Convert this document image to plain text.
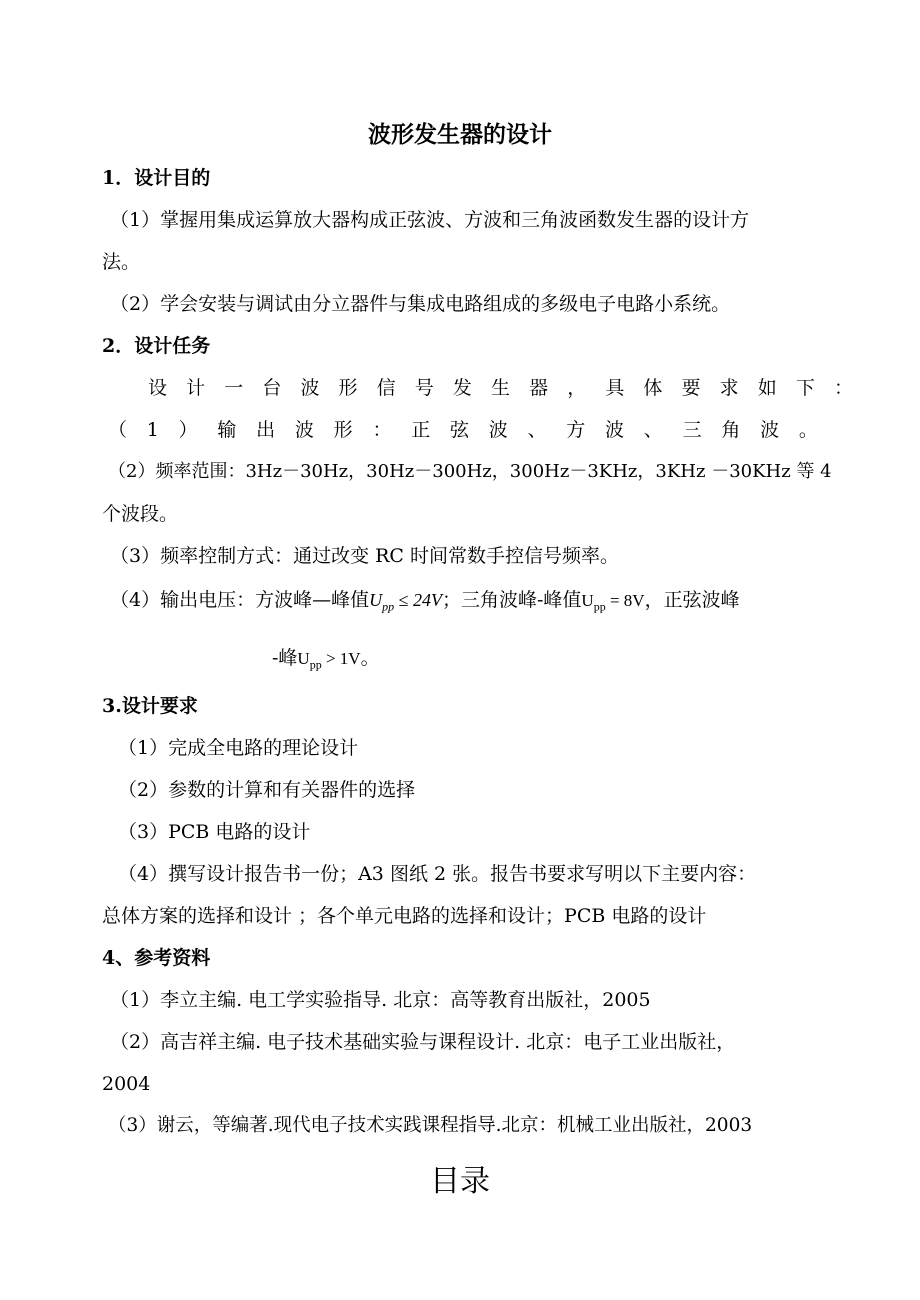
波形发生器的设计
1．设计目的
（1）掌握用集成运算放大器构成正弦波、方波和三角波函数发生器的设计方
法。
（2）学会安装与调试由分立器件与集成电路组成的多级电子电路小系统。
2．设计任务
设 计 一 台 波 形 信 号 发 生 器 ， 具 体 要 求 如 下 ：
（ 1 ） 输 出 波 形 ： 正 弦 波 、 方 波 、 三 角 波 。
（2）频率范围：3Hz－30Hz，30Hz－300Hz，300Hz－3KHz，3KHz －30KHz 等 4
个波段。
（3）频率控制方式：通过改变 RC 时间常数手控信号频率。
（4）输出电压：方波峰—峰值$U_{pp} \le 24V$；三角波峰-峰值$U_{pp} = 8V$，正弦波峰
-峰$U_{pp} > 1V$。
3.设计要求
（1）完成全电路的理论设计
（2）参数的计算和有关器件的选择
（3）PCB 电路的设计
（4）撰写设计报告书一份；A3 图纸 2 张。报告书要求写明以下主要内容：
总体方案的选择和设计 ；各个单元电路的选择和设计；PCB 电路的设计
4、参考资料
（1）李立主编. 电工学实验指导. 北京：高等教育出版社，2005
（2）高吉祥主编. 电子技术基础实验与课程设计. 北京：电子工业出版社，
2004
（3）谢云，等编著.现代电子技术实践课程指导.北京：机械工业出版社，2003
目录
